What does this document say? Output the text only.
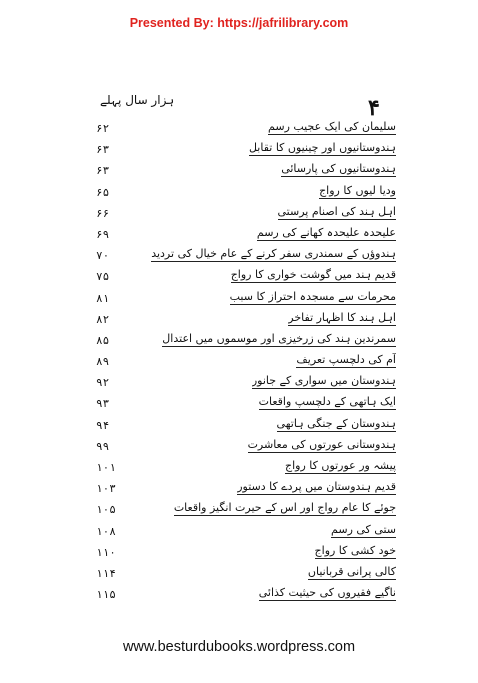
Presented By: https://jafrilibrary.com
۴
ہزار سال پہلے
۶۲	سلیمان کی ایک عجیب رسم
۶۳	ہندوستانیوں اور چینیوں کا تقابل
۶۳	ہندوستانیوں کی پارسائی
۶۵	ودیا لیوں کا رواج
۶۶	اہل ہند کی اصنام پرستی
۶۹	علیحدہ علیحدہ کھانے کی رسم
۷۰	ہندوؤں کے سمندری سفر کرنے کے عام خیال کی تردید
۷۵	قدیم ہند میں گوشت خواری کا رواج
۸۱	محرمات سے مسجدہ احتراز کا سبب
۸۲	اہل ہند کا اظہار تفاخر
۸۵	سمرندین ہند کی زرخیزی اور موسموں میں اعتدال
۸۹	آم کی دلچسپ تعریف
۹۲	ہندوستان میں سواری کے جانور
۹۳	ایک ہاتھی کے دلچسپ واقعات
۹۴	ہندوستان کے جنگی ہاتھی
۹۹	ہندوستانی عورتوں کی معاشرت
۱۰۱	پیشہ ور عورتوں کا رواج
۱۰۳	قدیم ہندوستان میں پردے کا دستور
۱۰۵	جوئے کا عام رواج اور اس کے حیرت انگیز واقعات
۱۰۸	ستی کی رسم
۱۱۰	خود کشی کا رواج
۱۱۴	کالی پرانی قربانیاں
۱۱۵	ناگیے فقیروں کی حیثیت کذائی
www.besturdubooks.wordpress.com
